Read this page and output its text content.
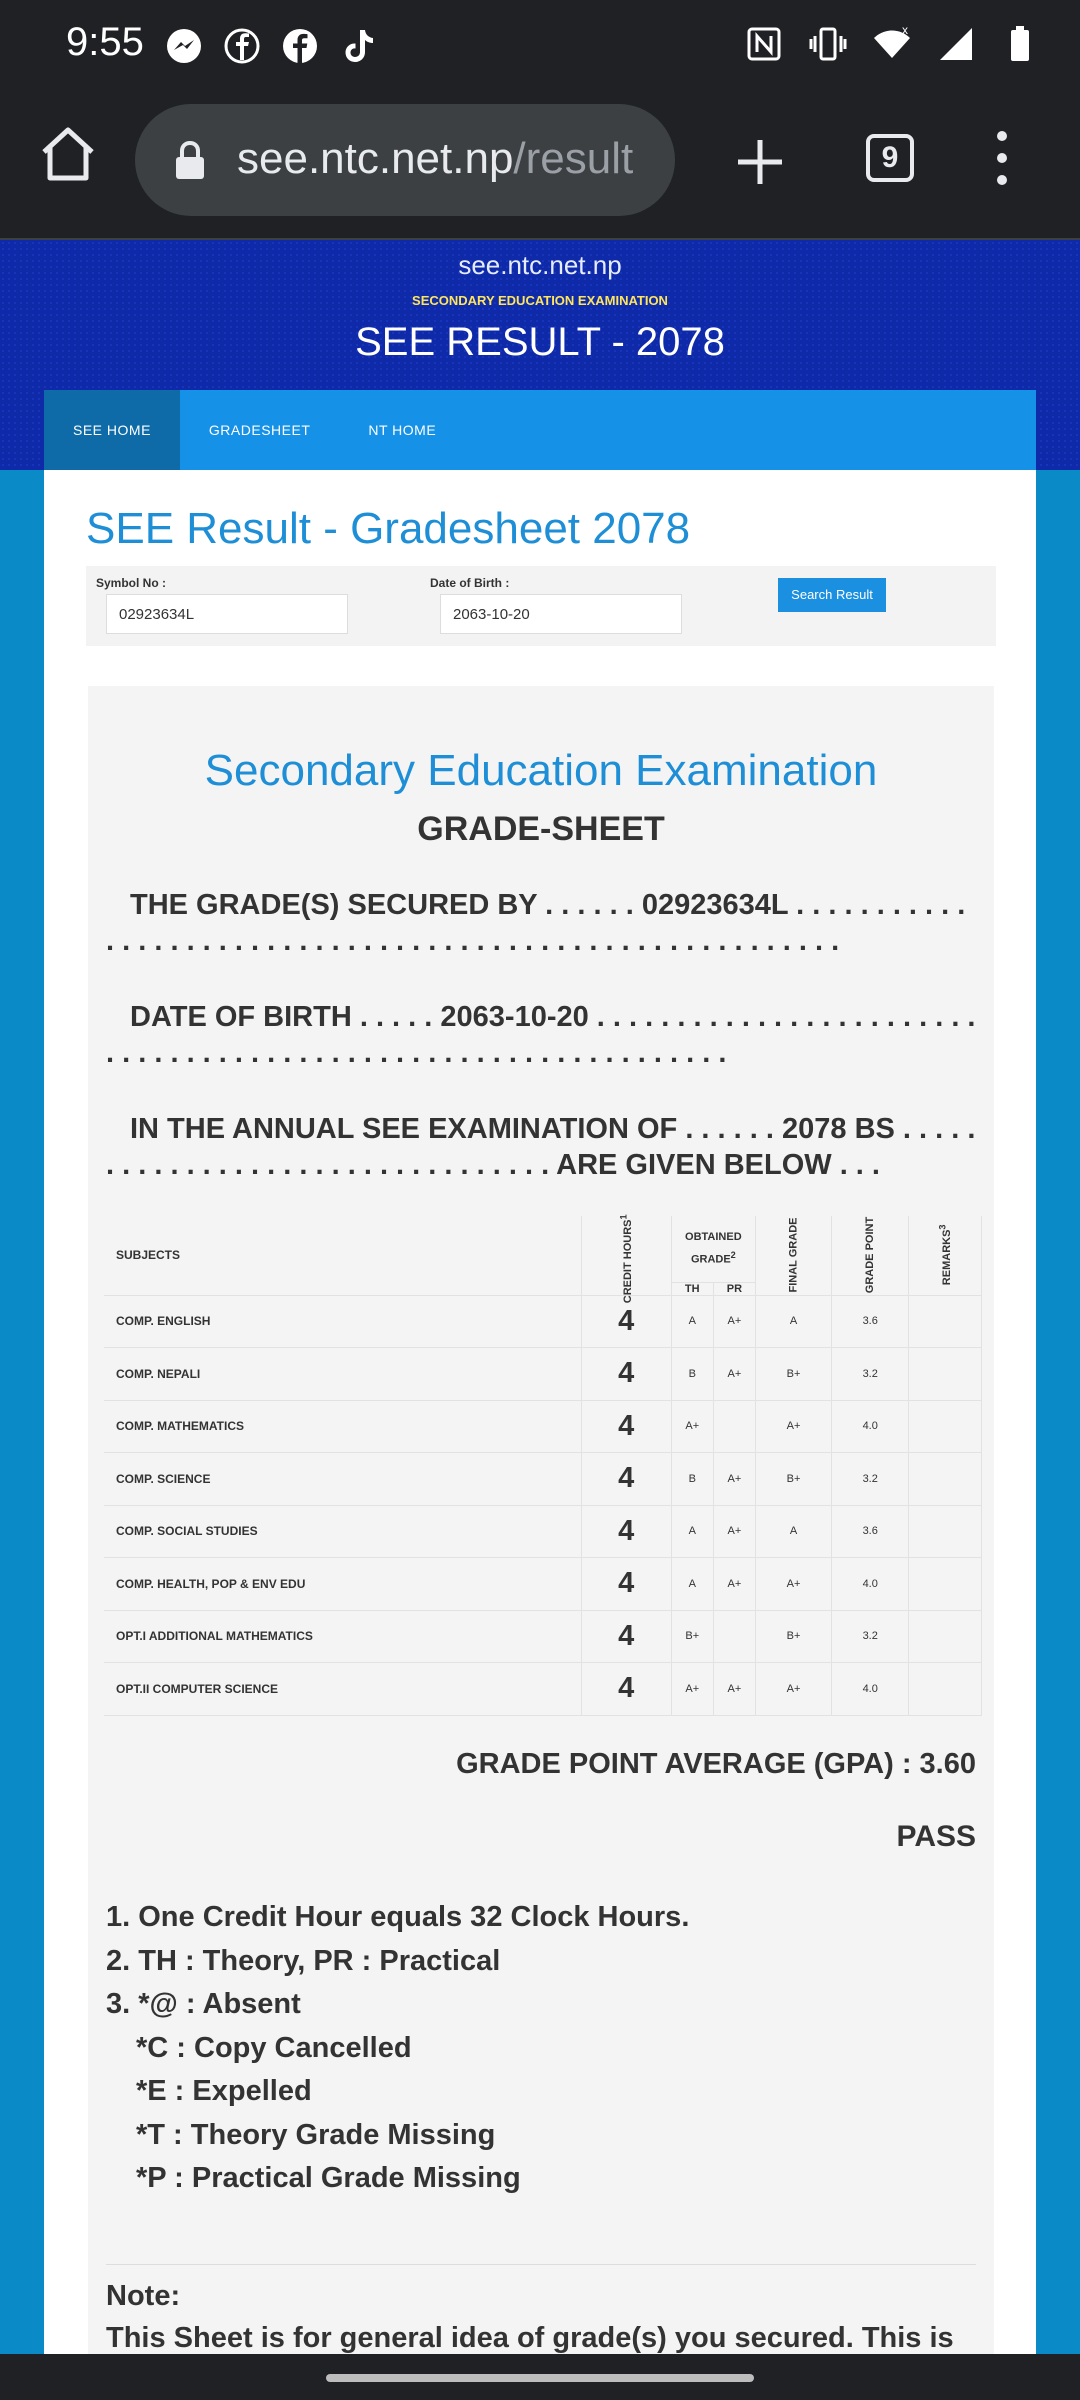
9:55	x
see.ntc.net.np/result	9
see.ntc.net.np
SECONDARY EDUCATION EXAMINATION
SEE RESULT - 2078
SEE HOME	GRADESHEET	NT HOME
SEE Result - Gradesheet 2078
Symbol No :
02923634L
Date of Birth :
2063-10-20
Search Result
Secondary Education Examination
GRADE-SHEET

THE GRADE(S) SECURED BY . . . . . . 02923634L . . . . . . . . . . . . . . . . . . . . . . . . . . . . . . . . . . . . . . . . . . . . . . . . . . . . . . . . .

DATE OF BIRTH . . . . . 2063-10-20 . . . . . . . . . . . . . . . . . . . . . . . . . . . . . . . . . . . . . . . . . . . . . . . . . . . . . . . . . . . . . . .

IN THE ANNUAL SEE EXAMINATION OF . . . . . . 2078 BS . . . . . . . . . . . . . . . . . . . . . . . . . . . . . . . . . ARE GIVEN BELOW . . .

SUBJECTS	CREDIT HOURS$^1$	OBTAINED GRADE$^2$		FINAL GRADE	GRADE POINT	REMARKS$^3$
		TH	PR			
COMP. ENGLISH	4	A	A+	A	3.6	
COMP. NEPALI	4	B	A+	B+	3.2	
COMP. MATHEMATICS	4	A+		A+	4.0	
COMP. SCIENCE	4	B	A+	B+	3.2	
COMP. SOCIAL STUDIES	4	A	A+	A	3.6	
COMP. HEALTH, POP & ENV EDU	4	A	A+	A+	4.0	
OPT.I ADDITIONAL MATHEMATICS	4	B+		B+	3.2	
OPT.II COMPUTER SCIENCE	4	A+	A+	A+	4.0	
GRADE POINT AVERAGE (GPA) : 3.60
PASS
1. One Credit Hour equals 32 Clock Hours.
2. TH : Theory, PR : Practical
3. *@ : Absent
*C : Copy Cancelled
*E : Expelled
*T : Theory Grade Missing
*P : Practical Grade Missing
Note:
This Sheet is for general idea of grade(s) you secured. This is
